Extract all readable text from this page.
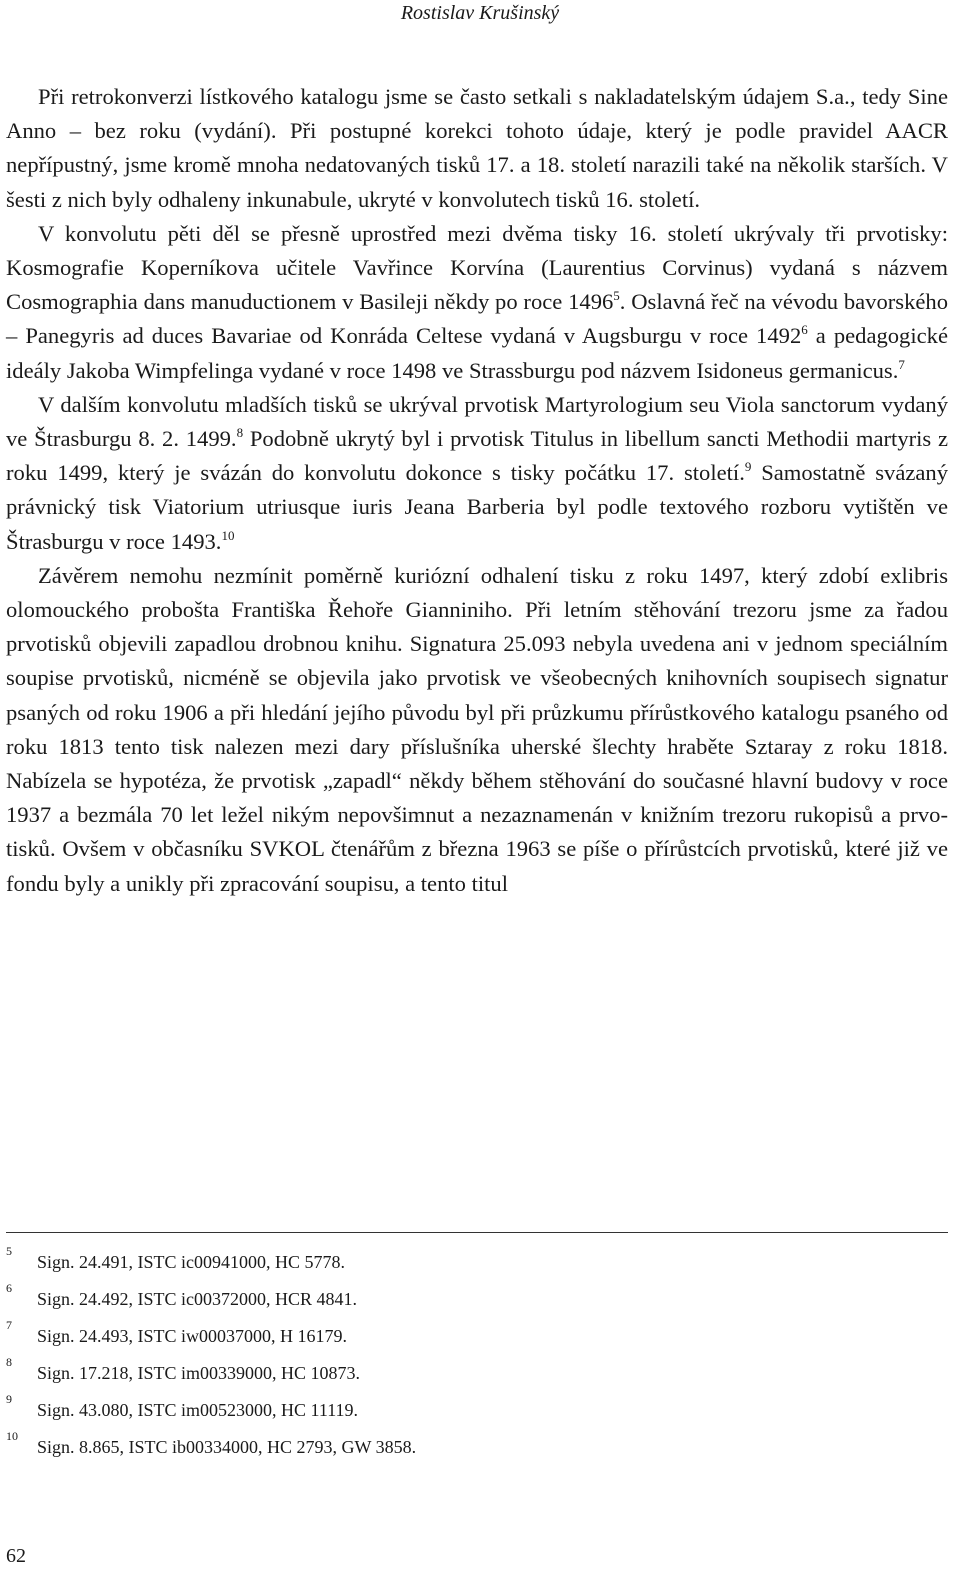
Rostislav Krušinský

Při retrokonverzi lístkového katalogu jsme se často setkali s nakladatelským údajem S.a., tedy Sine Anno – bez roku (vydání). Při postupné korekci tohoto údaje, který je podle pravidel AACR nepřípustný, jsme kromě mnoha nedatovaných tisků 17. a 18. století narazili také na několik starších. V šesti z nich byly odhaleny inkunabule, ukryté v konvolutech tisků 16. století.

V konvolutu pěti děl se přesně uprostřed mezi dvěma tisky 16. století ukrývaly tři prvotisky: Kosmografie Koperníkova učitele Vavřince Korvína (Laurentius Corvinus) vydaná s názvem Cosmographia dans manuductionem v Basileji někdy po roce 1496$^5$. Oslavná řeč na vévodu bavorského – Panegyris ad duces Bavariae od Konráda Celtese vydaná v Augsburgu v roce 1492$^6$ a pedagogické ideály Jakoba Wimpfelinga vydané v roce 1498 ve Strassburgu pod názvem Isidoneus germanicus.$^7$

V dalším konvolutu mladších tisků se ukrýval prvotisk Martyrologium seu Viola sanctorum vydaný ve Štrasburgu 8. 2. 1499.$^8$ Podobně ukrytý byl i prvotisk Titulus in libellum sancti Methodii martyris z roku 1499, který je svázán do konvolutu dokonce s tisky počátku 17. století.$^9$ Samostatně svázaný právnický tisk Viatorium utriusque iuris Jeana Barberia byl podle textového rozboru vytištěn ve Štrasburgu v roce 1493.10

Závěrem nemohu nezmínit poměrně kuriózní odhalení tisku z roku 1497, který zdobí exlibris olomouckého probošta Františka Řehoře Gianniniho. Při letním stěhování trezoru jsme za řadou prvotisků objevili zapadlou drobnou knihu. Signatura 25.093 nebyla uvedena ani v jednom speciálním soupise prvotisků, nicméně se objevila jako prvotisk ve všeobecných knihovních soupisech signatur psaných od roku 1906 a při hledání jejího původu byl při průzkumu přírůstkového katalogu psaného od roku 1813 tento tisk nalezen mezi dary příslušníka uherské šlechty hraběte Sztaray z roku 1818. Nabízela se hypotéza, že prvotisk „zapadl“ někdy během stěhování do současné hlavní budovy v roce 1937 a bezmála 70 let ležel nikým nepovšimnut a nezaznamenán v knižním trezoru rukopisů a prvotisků. Ovšem v občasníku SVKOL čtenářům z března 1963 se píše o přírůstcích prvotisků, které již ve fondu byly a unikly při zpracování soupisu, a tento titul

5
Sign. 24.491, ISTC ic00941000, HC 5778.
6
Sign. 24.492, ISTC ic00372000, HCR 4841.
7
Sign. 24.493, ISTC iw00037000, H 16179.
8
Sign. 17.218, ISTC im00339000, HC 10873.
9
Sign. 43.080, ISTC im00523000, HC 11119.
10
Sign. 8.865, ISTC ib00334000, HC 2793, GW 3858.
62
